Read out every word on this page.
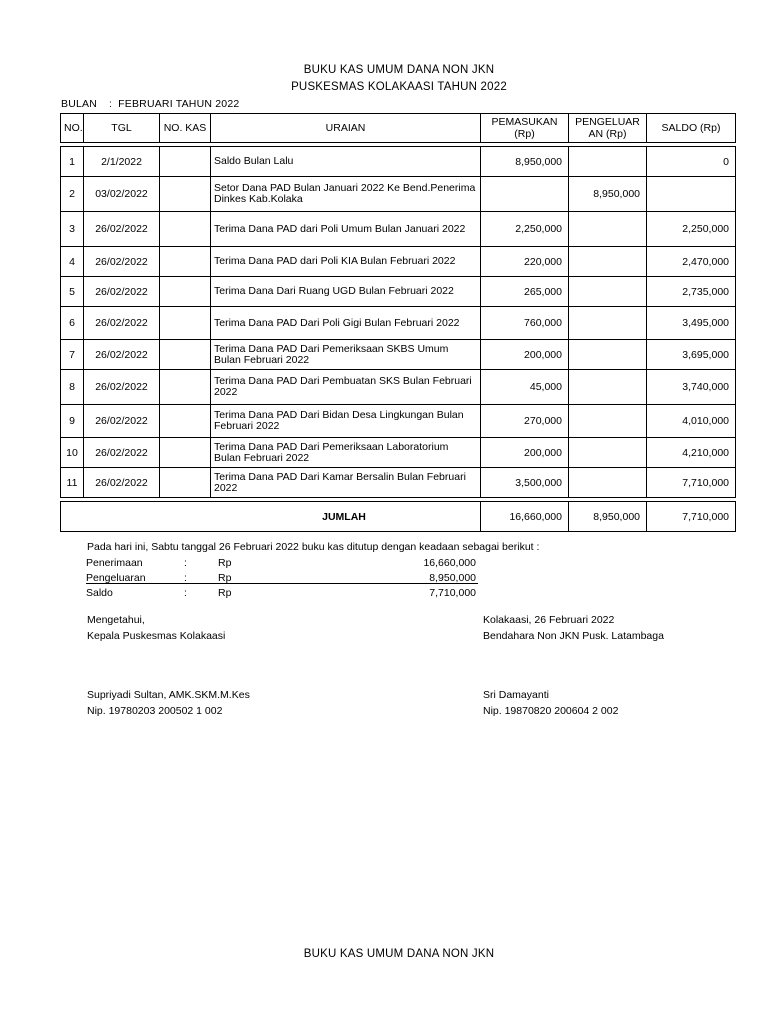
BUKU KAS UMUM DANA NON JKN
PUSKESMAS KOLAKAASI TAHUN 2022
BULAN : FEBRUARI TAHUN 2022
NO.	TGL	NO. KAS	URAIAN	PEMASUKAN (Rp)	PENGELUAR AN (Rp)	SALDO (Rp)

1	2/1/2022		Saldo Bulan Lalu	8,950,000		0
2	03/02/2022		Setor Dana PAD Bulan Januari 2022 Ke Bend.Penerima Dinkes Kab.Kolaka		8,950,000	
3	26/02/2022		Terima Dana PAD dari Poli Umum Bulan Januari 2022	2,250,000		2,250,000
4	26/02/2022		Terima Dana PAD dari Poli KIA Bulan Februari 2022	220,000		2,470,000
5	26/02/2022		Terima Dana Dari Ruang UGD Bulan Februari 2022	265,000		2,735,000
6	26/02/2022		Terima Dana PAD Dari Poli Gigi Bulan Februari 2022	760,000		3,495,000
7	26/02/2022		Terima Dana PAD Dari Pemeriksaan SKBS Umum Bulan Februari 2022	200,000		3,695,000
8	26/02/2022		Terima Dana PAD Dari Pembuatan SKS Bulan Februari 2022	45,000		3,740,000
9	26/02/2022		Terima Dana PAD Dari Bidan Desa Lingkungan Bulan Februari 2022	270,000		4,010,000
10	26/02/2022		Terima Dana PAD Dari Pemeriksaan Laboratorium Bulan Februari 2022	200,000		4,210,000
11	26/02/2022		Terima Dana PAD Dari Kamar Bersalin Bulan Februari 2022	3,500,000		7,710,000

JUMLAH				16,660,000	8,950,000	7,710,000
Pada hari ini, Sabtu tanggal 26 Februari 2022 buku kas ditutup dengan keadaan sebagai berikut :
Penerimaan	:	Rp	16,660,000
Pengeluaran	:	Rp	8,950,000
Saldo	:	Rp	7,710,000
Mengetahui,
Kepala Puskesmas Kolakaasi
Supriyadi Sultan, AMK.SKM.M.Kes
Nip. 19780203 200502 1 002
Kolakaasi, 26 Februari 2022
Bendahara Non JKN Pusk. Latambaga
Sri Damayanti
Nip. 19870820 200604 2 002
BUKU KAS UMUM DANA NON JKN
